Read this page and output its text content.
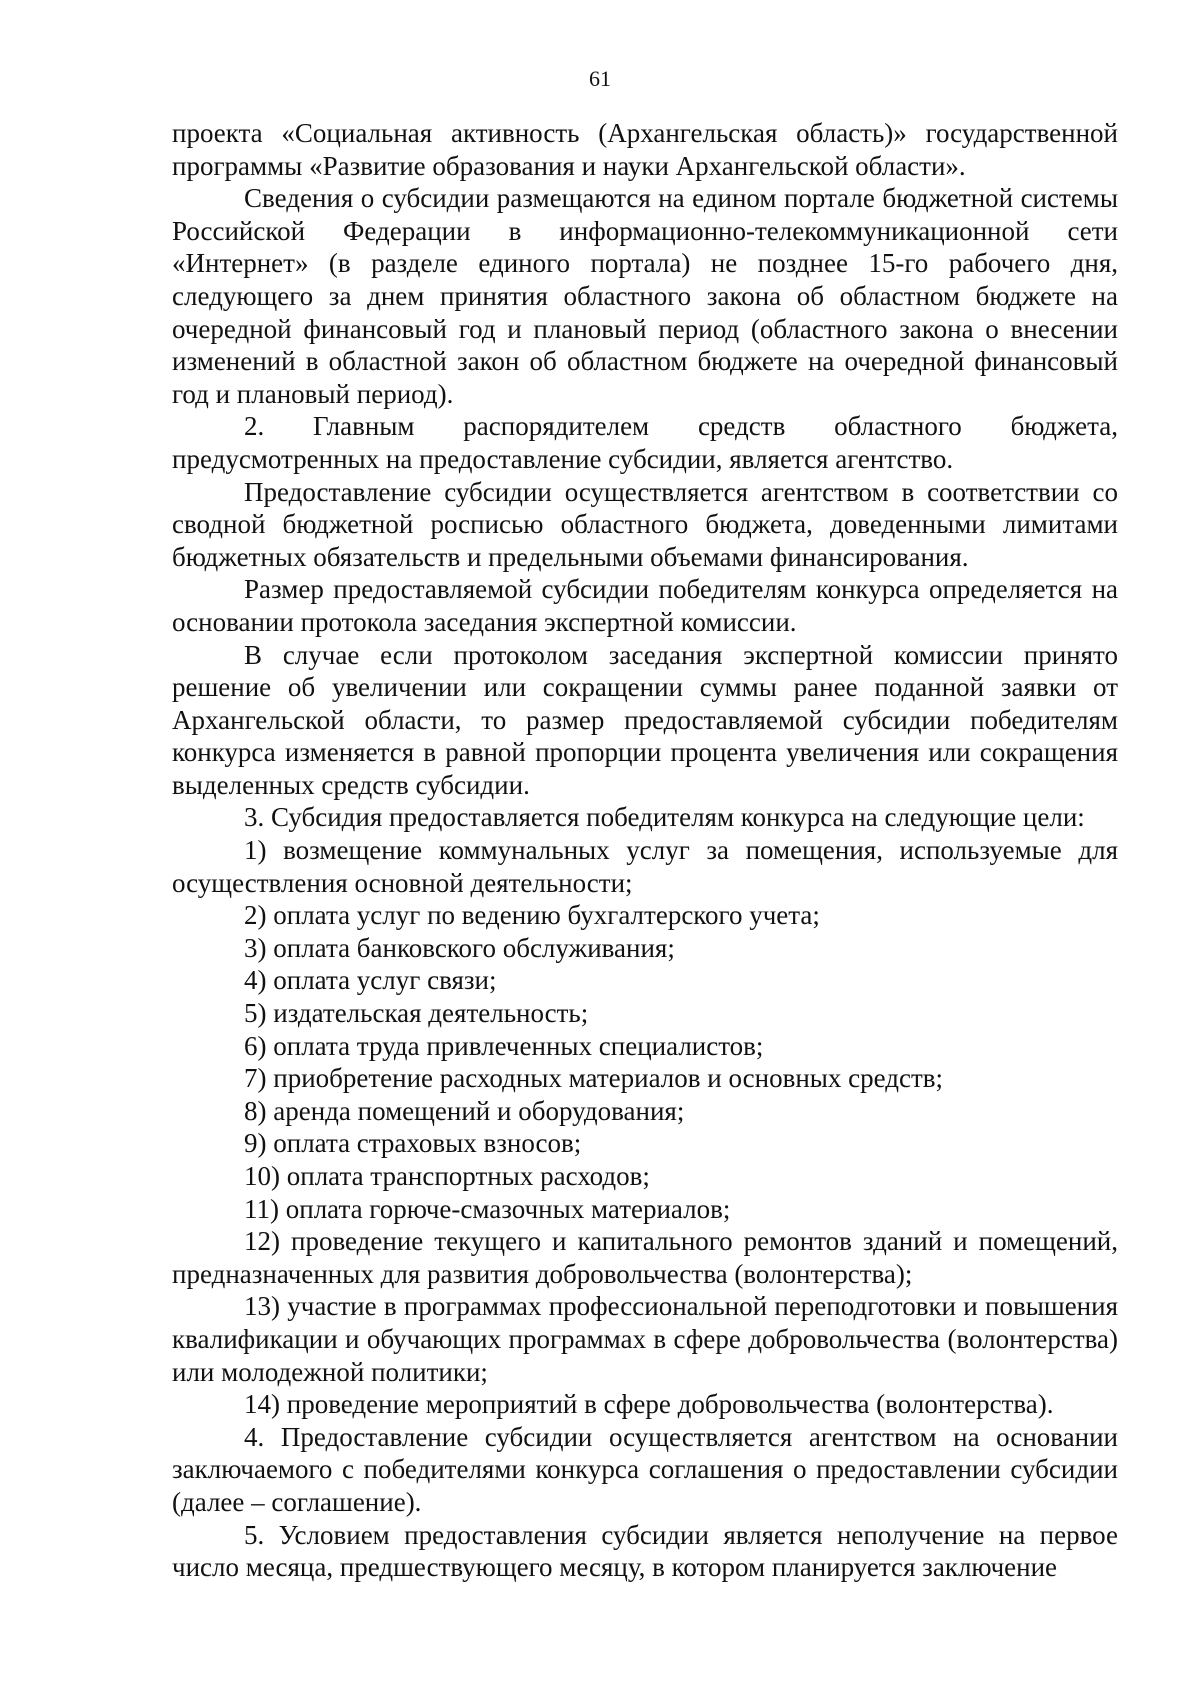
61

проекта «Социальная активность (Архангельская область)» государственной программы «Развитие образования и науки Архангельской области».

Сведения о субсидии размещаются на едином портале бюджетной системы Российской Федерации в информационно-телекоммуникационной сети «Интернет» (в разделе единого портала) не позднее 15-го рабочего дня, следующего за днем принятия областного закона об областном бюджете на очередной финансовый год и плановый период (областного закона о внесении изменений в областной закон об областном бюджете на очередной финансовый год и плановый период).

2. Главным распорядителем средств областного бюджета, предусмотренных на предоставление субсидии, является агентство.

Предоставление субсидии осуществляется агентством в соответствии со сводной бюджетной росписью областного бюджета, доведенными лимитами бюджетных обязательств и предельными объемами финансирования.

Размер предоставляемой субсидии победителям конкурса определяется на основании протокола заседания экспертной комиссии.

В случае если протоколом заседания экспертной комиссии принято решение об увеличении или сокращении суммы ранее поданной заявки от Архангельской области, то размер предоставляемой субсидии победителям конкурса изменяется в равной пропорции процента увеличения или сокращения выделенных средств субсидии.

3. Субсидия предоставляется победителям конкурса на следующие цели:

1) возмещение коммунальных услуг за помещения, используемые для осуществления основной деятельности;

2) оплата услуг по ведению бухгалтерского учета;

3) оплата банковского обслуживания;

4) оплата услуг связи;

5) издательская деятельность;

6) оплата труда привлеченных специалистов;

7) приобретение расходных материалов и основных средств;

8) аренда помещений и оборудования;

9) оплата страховых взносов;

10) оплата транспортных расходов;

11) оплата горюче-смазочных материалов;

12) проведение текущего и капитального ремонтов зданий и помещений, предназначенных для развития добровольчества (волонтерства);

13) участие в программах профессиональной переподготовки и повышения квалификации и обучающих программах в сфере добровольчества (волонтерства) или молодежной политики;

14) проведение мероприятий в сфере добровольчества (волонтерства).

4. Предоставление субсидии осуществляется агентством на основании заключаемого с победителями конкурса соглашения о предоставлении субсидии (далее – соглашение).

5. Условием предоставления субсидии является неполучение на первое число месяца, предшествующего месяцу, в котором планируется заключение
